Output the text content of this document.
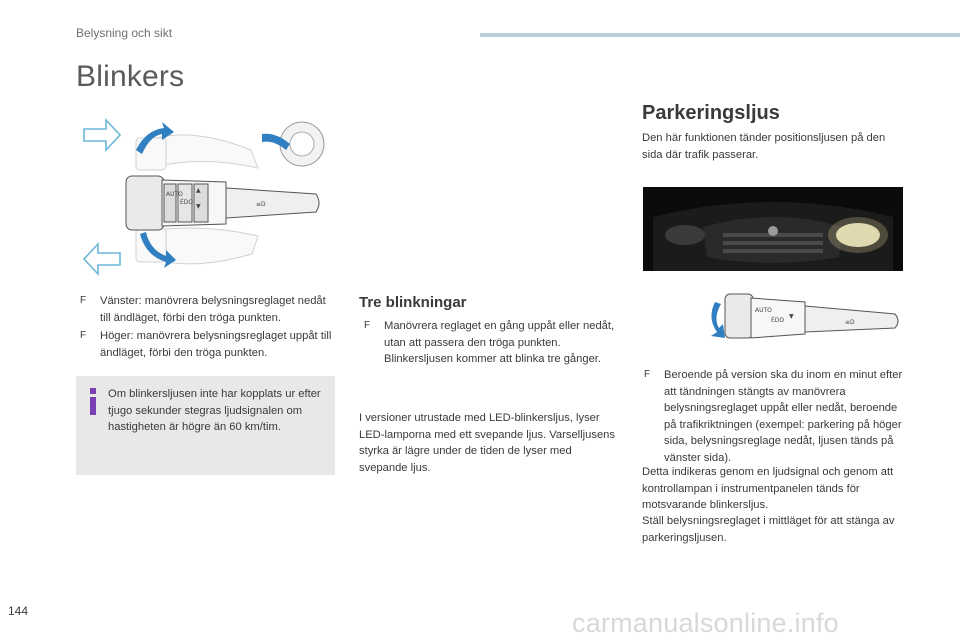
Belysning och sikt
Blinkers
AUTO
ÉDO
▼
▲
≡D
F Vänster: manövrera belysningsreglaget nedåt till ändläget, förbi den tröga punkten.
F Höger: manövrera belysningsreglaget uppåt till ändläget, förbi den tröga punkten.
Om blinkersljusen inte har kopplats ur efter tjugo sekunder stegras ljudsignalen om hastigheten är högre än 60 km/tim.
Tre blinkningar
F Manövrera reglaget en gång uppåt eller nedåt, utan att passera den tröga punkten. Blinkersljusen kommer att blinka tre gånger.
I versioner utrustade med LED-blinkersljus, lyser LED-lamporna med ett svepande ljus. Varselljusens styrka är lägre under de tiden de lyser med svepande ljus.
Parkeringsljus
Den här funktionen tänder positionsljusen på den sida där trafik passerar.
AUTO
ÉDO
▼
≡D
F Beroende på version ska du inom en minut efter att tändningen stängts av manövrera belysningsreglaget uppåt eller nedåt, beroende på trafikriktningen (exempel: parkering på höger sida, belysningsreglage nedåt, ljusen tänds på vänster sida).
Detta indikeras genom en ljudsignal och genom att kontrollampan i instrumentpanelen tänds för motsvarande blinkersljus.
Ställ belysningsreglaget i mittläget för att stänga av parkeringsljusen.
144	carmanualsonline.info
